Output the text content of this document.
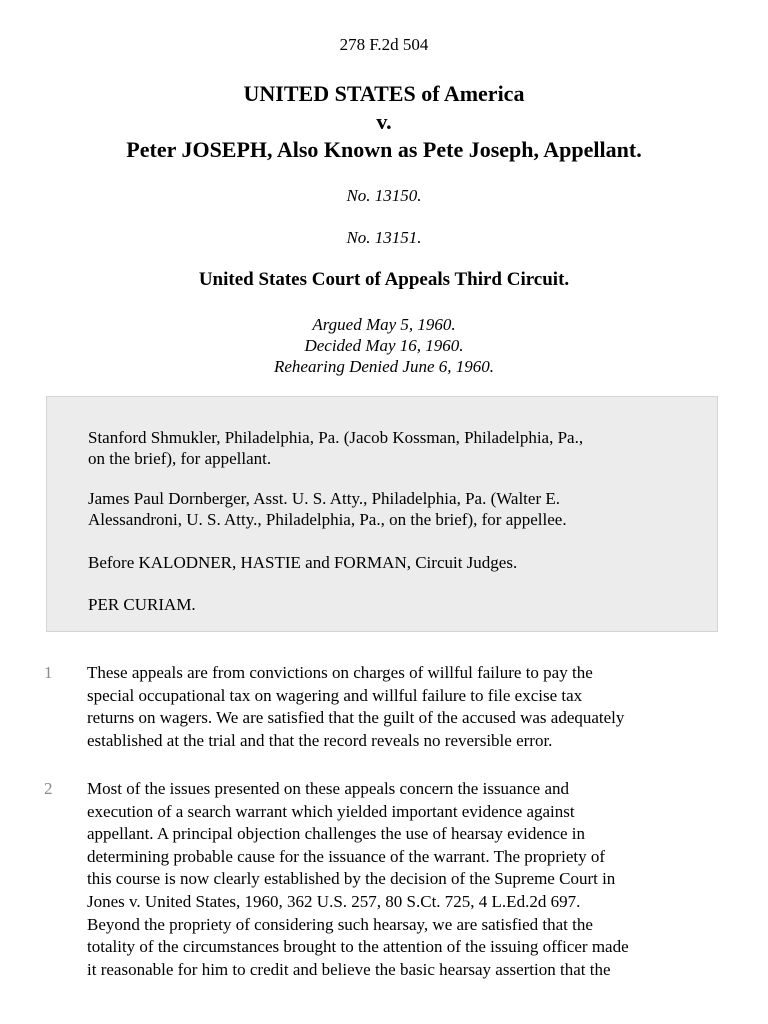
278 F.2d 504
UNITED STATES of America
v.
Peter JOSEPH, Also Known as Pete Joseph, Appellant.
No. 13150.
No. 13151.
United States Court of Appeals Third Circuit.
Argued May 5, 1960.
Decided May 16, 1960.
Rehearing Denied June 6, 1960.

Stanford Shmukler, Philadelphia, Pa. (Jacob Kossman, Philadelphia, Pa.,
on the brief), for appellant.

James Paul Dornberger, Asst. U. S. Atty., Philadelphia, Pa. (Walter E.
Alessandroni, U. S. Atty., Philadelphia, Pa., on the brief), for appellee.

Before KALODNER, HASTIE and FORMAN, Circuit Judges.

PER CURIAM.

1	These appeals are from convictions on charges of willful failure to pay the
special occupational tax on wagering and willful failure to file excise tax
returns on wagers. We are satisfied that the guilt of the accused was adequately
established at the trial and that the record reveals no reversible error.

2	Most of the issues presented on these appeals concern the issuance and
execution of a search warrant which yielded important evidence against
appellant. A principal objection challenges the use of hearsay evidence in
determining probable cause for the issuance of the warrant. The propriety of
this course is now clearly established by the decision of the Supreme Court in
Jones v. United States, 1960, 362 U.S. 257, 80 S.Ct. 725, 4 L.Ed.2d 697.
Beyond the propriety of considering such hearsay, we are satisfied that the
totality of the circumstances brought to the attention of the issuing officer made
it reasonable for him to credit and believe the basic hearsay assertion that the
